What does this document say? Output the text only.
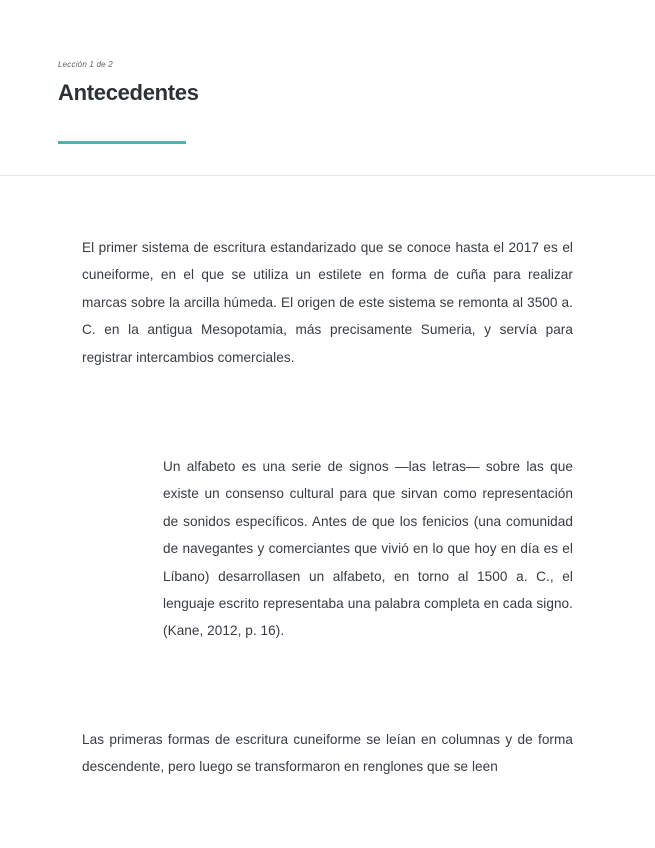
Lección 1 de 2
Antecedentes

El primer sistema de escritura estandarizado que se conoce hasta el 2017 es el cuneiforme, en el que se utiliza un estilete en forma de cuña para realizar marcas sobre la arcilla húmeda. El origen de este sistema se remonta al 3500 a. C. en la antigua Mesopotamia, más precisamente Sumeria, y servía para registrar intercambios comerciales.

Un alfabeto es una serie de signos —las letras— sobre las que existe un consenso cultural para que sirvan como representación de sonidos específicos. Antes de que los fenicios (una comunidad de navegantes y comerciantes que vivió en lo que hoy en día es el Líbano) desarrollasen un alfabeto, en torno al 1500 a. C., el lenguaje escrito representaba una palabra completa en cada signo. (Kane, 2012, p. 16).

Las primeras formas de escritura cuneiforme se leían en columnas y de forma descendente, pero luego se transformaron en renglones que se leen
